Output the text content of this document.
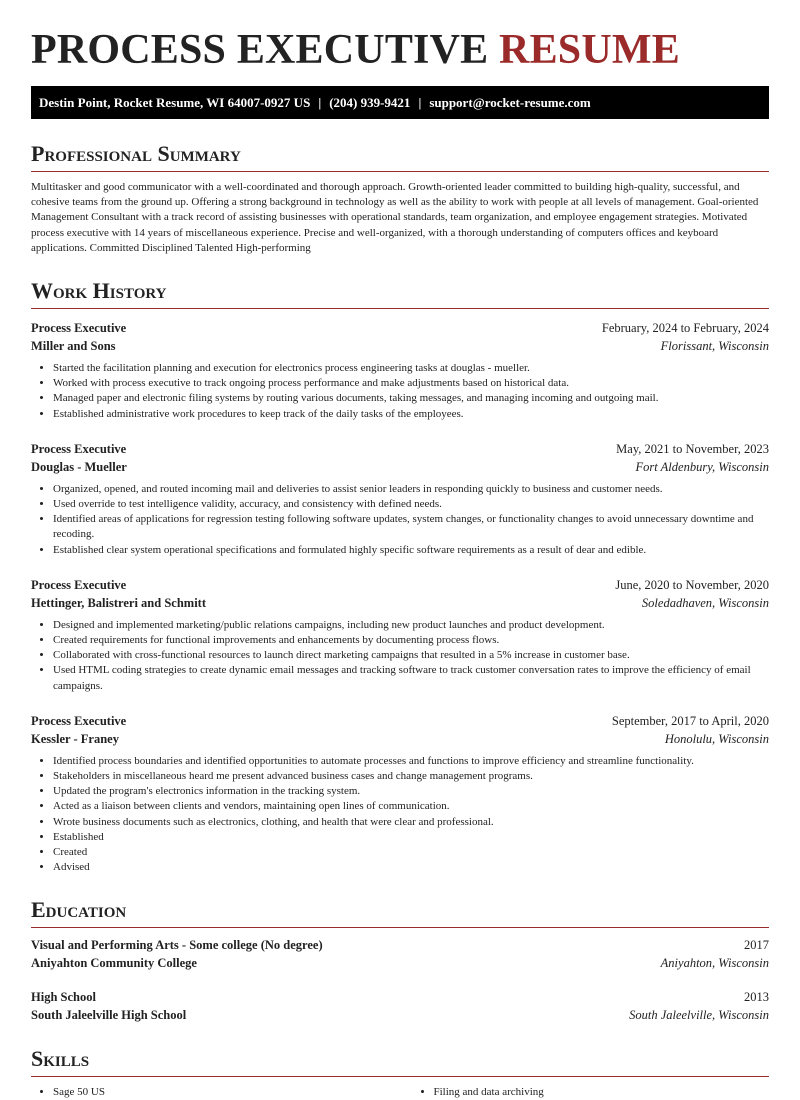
PROCESS EXECUTIVE RESUME
Destin Point, Rocket Resume, WI 64007-0927 US | (204) 939-9421 | support@rocket-resume.com
Professional Summary
Multitasker and good communicator with a well-coordinated and thorough approach. Growth-oriented leader committed to building high-quality, successful, and cohesive teams from the ground up. Offering a strong background in technology as well as the ability to work with people at all levels of management. Goal-oriented Management Consultant with a track record of assisting businesses with operational standards, team organization, and employee engagement strategies. Motivated process executive with 14 years of miscellaneous experience. Precise and well-organized, with a thorough understanding of computers offices and keyboard applications. Committed Disciplined Talented High-performing
Work History
Process Executive	February, 2024 to February, 2024
Miller and Sons	Florissant, Wisconsin
• Started the facilitation planning and execution for electronics process engineering tasks at douglas - mueller.
• Worked with process executive to track ongoing process performance and make adjustments based on historical data.
• Managed paper and electronic filing systems by routing various documents, taking messages, and managing incoming and outgoing mail.
• Established administrative work procedures to keep track of the daily tasks of the employees.
Process Executive	May, 2021 to November, 2023
Douglas - Mueller	Fort Aldenbury, Wisconsin
• Organized, opened, and routed incoming mail and deliveries to assist senior leaders in responding quickly to business and customer needs.
• Used override to test intelligence validity, accuracy, and consistency with defined needs.
• Identified areas of applications for regression testing following software updates, system changes, or functionality changes to avoid unnecessary downtime and recoding.
• Established clear system operational specifications and formulated highly specific software requirements as a result of dear and edible.
Process Executive	June, 2020 to November, 2020
Hettinger, Balistreri and Schmitt	Soledadhaven, Wisconsin
• Designed and implemented marketing/public relations campaigns, including new product launches and product development.
• Created requirements for functional improvements and enhancements by documenting process flows.
• Collaborated with cross-functional resources to launch direct marketing campaigns that resulted in a 5% increase in customer base.
• Used HTML coding strategies to create dynamic email messages and tracking software to track customer conversation rates to improve the efficiency of email campaigns.
Process Executive	September, 2017 to April, 2020
Kessler - Franey	Honolulu, Wisconsin
• Identified process boundaries and identified opportunities to automate processes and functions to improve efficiency and streamline functionality.
• Stakeholders in miscellaneous heard me present advanced business cases and change management programs.
• Updated the program's electronics information in the tracking system.
• Acted as a liaison between clients and vendors, maintaining open lines of communication.
• Wrote business documents such as electronics, clothing, and health that were clear and professional.
• Established
• Created
• Advised
Education
Visual and Performing Arts - Some college (No degree)	2017
Aniyahton Community College	Aniyahton, Wisconsin
High School	2013
South Jaleelville High School	South Jaleelville, Wisconsin
Skills
• Sage 50 US
•	Filing and data archiving
